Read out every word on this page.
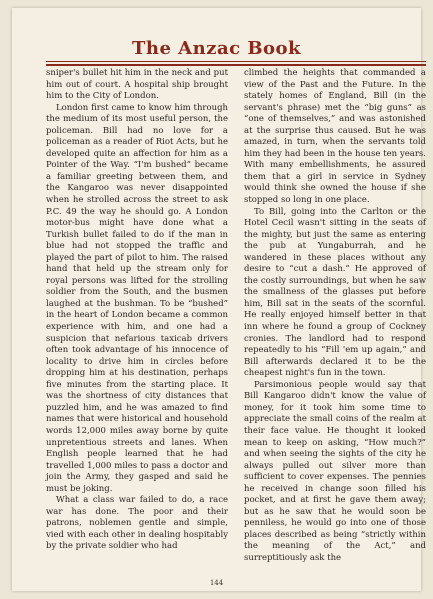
The Anzac Book

sniper's bullet hit him in the neck and put him out of court. A hospital ship brought him to the City of London.

London first came to know him through the medium of its most useful person, the policeman. Bill had no love for a policeman as a reader of Riot Acts, but he developed quite an affection for him as a Pointer of the Way. “I'm bushed” became a familiar greeting between them, and the Kangaroo was never disappointed when he strolled across the street to ask P.C. 49 the way he should go. A London motor-bus might have done what a Turkish bullet failed to do if the man in blue had not stopped the traffic and played the part of pilot to him. The raised hand that held up the stream only for royal persons was lifted for the strolling soldier from the South, and the busmen laughed at the bushman. To be “bushed” in the heart of London became a common experience with him, and one had a suspicion that nefarious taxicab drivers often took advantage of his innocence of locality to drive him in circles before dropping him at his destination, perhaps five minutes from the starting place. It was the shortness of city distances that puzzled him, and he was amazed to find names that were historical and household words 12,000 miles away borne by quite unpretentious streets and lanes. When English people learned that he had travelled 1,000 miles to pass a doctor and join the Army, they gasped and said he must be joking.

What a class war failed to do, a race war has done. The poor and their patrons, noblemen gentle and simple, vied with each other in dealing hospitably by the private soldier who had

climbed the heights that commanded a view of the Past and the Future. In the stately homes of England, Bill (in the servant's phrase) met the “big guns” as “one of themselves,” and was astonished at the surprise thus caused. But he was amazed, in turn, when the servants told him they had been in the house ten years. With many embellishments, he assured them that a girl in service in Sydney would think she owned the house if she stopped so long in one place.

To Bill, going into the Carlton or the Hotel Cecil wasn't sitting in the seats of the mighty, but just the same as entering the pub at Yungaburrah, and he wandered in these places without any desire to “cut a dash.” He approved of the costly surroundings, but when he saw the smallness of the glasses put before him, Bill sat in the seats of the scornful. He really enjoyed himself better in that inn where he found a group of Cockney cronies. The landlord had to respond repeatedly to his “Fill 'em up again,” and Bill afterwards declared it to be the cheapest night's fun in the town.

Parsimonious people would say that Bill Kangaroo didn't know the value of money, for it took him some time to appreciate the small coins of the realm at their face value. He thought it looked mean to keep on asking, “How much?” and when seeing the sights of the city he always pulled out silver more than sufficient to cover expenses. The pennies he received in change soon filled his pocket, and at first he gave them away; but as he saw that he would soon be penniless, he would go into one of those places described as being “strictly within the meaning of the Act,” and surreptitiously ask the

144
